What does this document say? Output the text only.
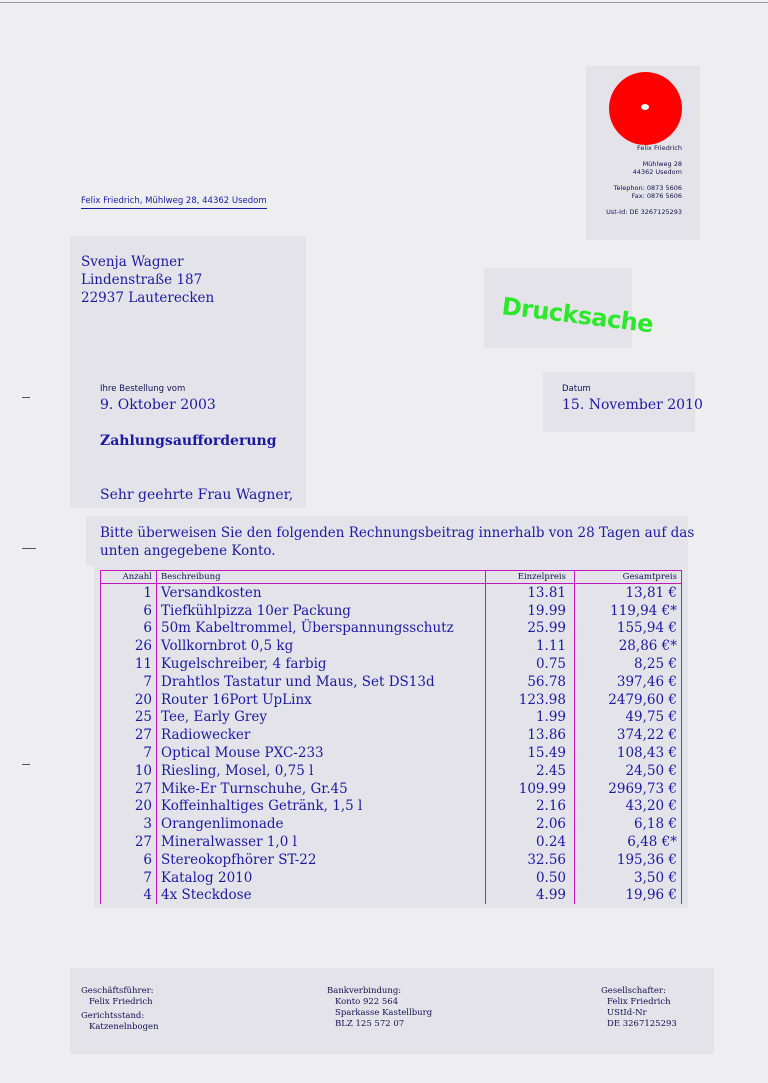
Felix Friedrich
Mühlweg 28
44362 Usedom
Telephon: 0873 5606
Fax: 0876 5606
Ust-Id: DE 3267125293
Felix Friedrich, Mühlweg 28, 44362 Usedom
Svenja Wagner
Lindenstraße 187
22937 Lauterecken	Drucksache
Ihre Bestellung vom
9. Oktober 2003
Datum
15. November 2010
Zahlungsaufforderung
Sehr geehrte Frau Wagner,
Bitte überweisen Sie den folgenden Rechnungsbeitrag innerhalb von 28 Tagen auf das
unten angegebene Konto.
Anzahl	Beschreibung	Einzelpreis	Gesamtpreis
1	Versandkosten	13.81	13,81 €
6	Tiefkühlpizza 10er Packung	19.99	119,94 €*
6	50m Kabeltrommel, Überspannungsschutz	25.99	155,94 €
26	Vollkornbrot 0,5 kg	1.11	28,86 €*
11	Kugelschreiber, 4 farbig	0.75	8,25 €
7	Drahtlos Tastatur und Maus, Set DS13d	56.78	397,46 €
20	Router 16Port UpLinx	123.98	2479,60 €
25	Tee, Early Grey	1.99	49,75 €
27	Radiowecker	13.86	374,22 €
7	Optical Mouse PXC-233	15.49	108,43 €
10	Riesling, Mosel, 0,75 l	2.45	24,50 €
27	Mike-Er Turnschuhe, Gr.45	109.99	2969,73 €
20	Koffeinhaltiges Getränk, 1,5 l	2.16	43,20 €
3	Orangenlimonade	2.06	6,18 €
27	Mineralwasser 1,0 l	0.24	6,48 €*
6	Stereokopfhörer ST-22	32.56	195,36 €
7	Katalog 2010	0.50	3,50 €
4	4x Steckdose	4.99	19,96 €
Geschäftsführer:
Felix Friedrich
Gerichtsstand:
Katzenelnbogen
Bankverbindung:
Konto 922 564
Sparkasse Kastellburg
BLZ 125 572 07
Gesellschafter:
Felix Friedrich
UStId-Nr
DE 3267125293
